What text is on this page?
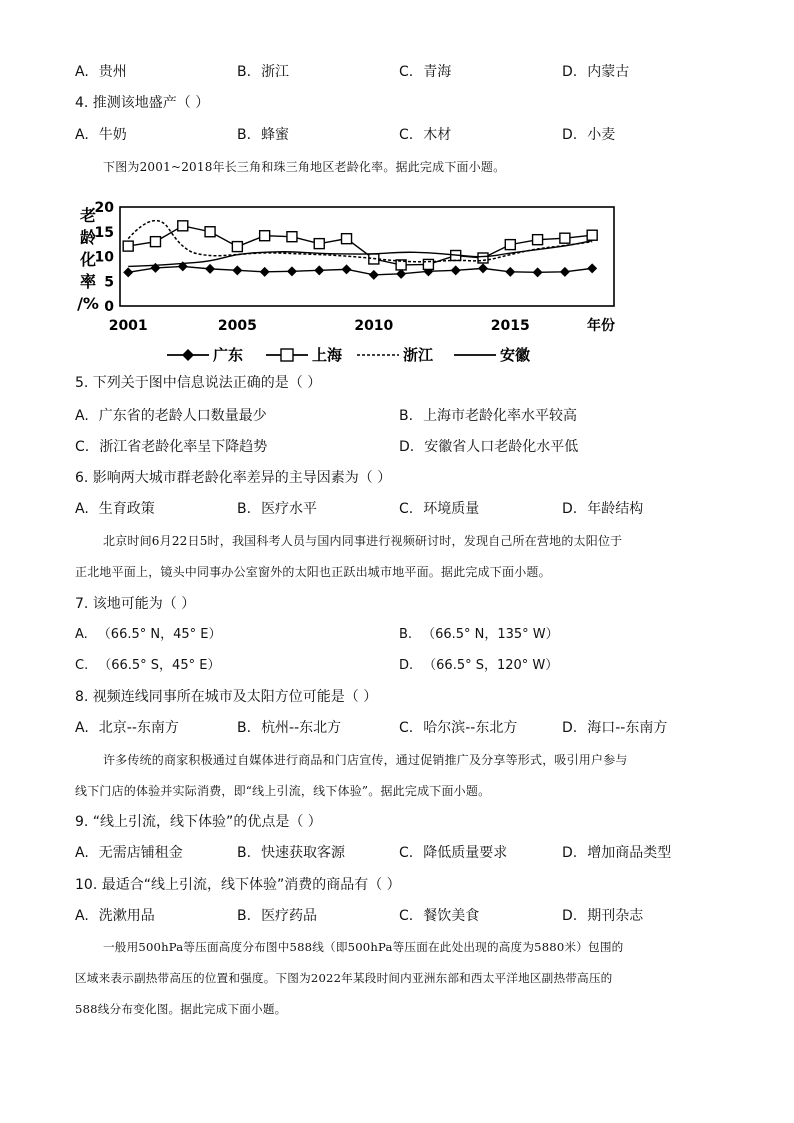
A. 贵州	B. 浙江	C. 青海	D. 内蒙古
4. 推测该地盛产（ ）
A. 牛奶	B. 蜂蜜	C. 木材	D. 小麦
下图为2001~2018年长三角和珠三角地区老龄化率。据此完成下面小题。
老
龄
化
率
/%
20
15
10
5
0
2001	2005	2010	2015	年份
广东	上海	浙江	安徽
5. 下列关于图中信息说法正确的是（ ）
A. 广东省的老龄人口数量最少	B. 上海市老龄化率水平较高
C. 浙江省老龄化率呈下降趋势	D. 安徽省人口老龄化水平低
6. 影响两大城市群老龄化率差异的主导因素为（ ）
A. 生育政策	B. 医疗水平	C. 环境质量	D. 年龄结构
北京时间6月22日5时，我国科考人员与国内同事进行视频研讨时，发现自己所在营地的太阳位于
正北地平面上，镜头中同事办公室窗外的太阳也正跃出城市地平面。据此完成下面小题。
7. 该地可能为（ ）
A. （66.5° N，45° E）	B. （66.5° N，135° W）
C. （66.5° S，45° E）	D. （66.5° S，120° W）
8. 视频连线同事所在城市及太阳方位可能是（ ）
A. 北京--东南方	B. 杭州--东北方	C. 哈尔滨--东北方	D. 海口--东南方
许多传统的商家积极通过自媒体进行商品和门店宣传，通过促销推广及分享等形式，吸引用户参与
线下门店的体验并实际消费，即“线上引流，线下体验”。据此完成下面小题。
9. “线上引流，线下体验”的优点是（ ）
A. 无需店铺租金	B. 快速获取客源	C. 降低质量要求	D. 增加商品类型
10. 最适合“线上引流，线下体验”消费的商品有（ ）
A. 洗漱用品	B. 医疗药品	C. 餐饮美食	D. 期刊杂志
一般用500hPa等压面高度分布图中588线（即500hPa等压面在此处出现的高度为5880米）包围的
区域来表示副热带高压的位置和强度。下图为2022年某段时间内亚洲东部和西太平洋地区副热带高压的
588线分布变化图。据此完成下面小题。
